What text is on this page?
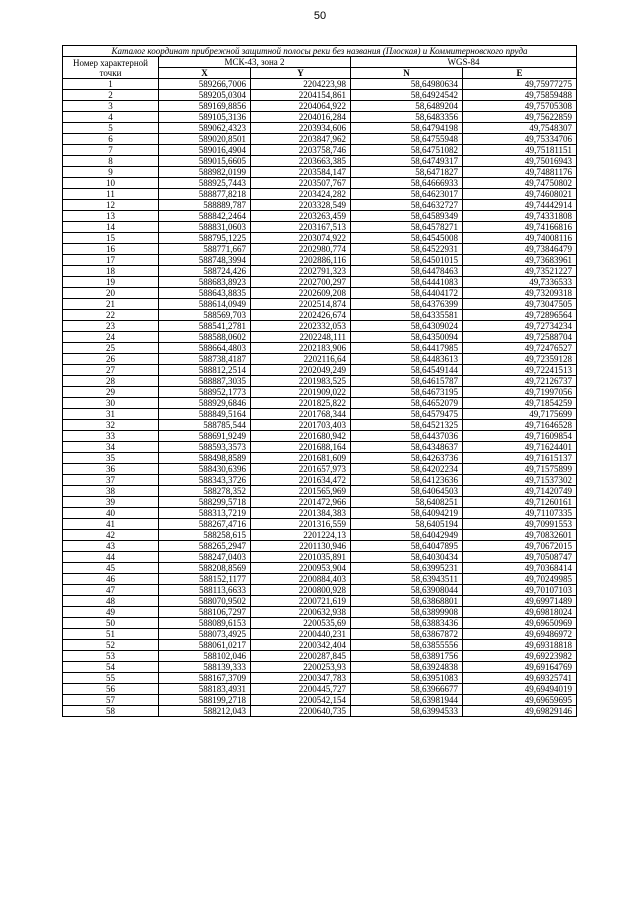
50
Каталог координат прибрежной защитной полосы реки без названия (Плоская) и Коммитерновского пруда				
Номер характерной точки	МСК-43, зона 2		WGS-84	
	X	Y	N	E
1	589266,7006	2204223,98	58,64980634	49,75977275
2	589205,0304	2204154,861	58,64924542	49,75859488
3	589169,8856	2204064,922	58,6489204	49,75705308
4	589105,3136	2204016,284	58,6483356	49,75622859
5	589062,4323	2203934,606	58,64794198	49,7548307
6	589020,8501	2203847,962	58,64755948	49,75334706
7	589016,4904	2203758,746	58,64751082	49,75181151
8	589015,6605	2203663,385	58,64749317	49,75016943
9	588982,0199	2203584,147	58,6471827	49,74881176
10	588925,7443	2203507,767	58,64666933	49,74750802
11	588877,8218	2203424,282	58,64623017	49,74608021
12	588889,787	2203328,549	58,64632727	49,74442914
13	588842,2464	2203263,459	58,64589349	49,74331808
14	588831,0603	2203167,513	58,64578271	49,74166816
15	588795,1225	2203074,922	58,64545008	49,74008116
16	588771,667	2202980,774	58,64522931	49,73846479
17	588748,3994	2202886,116	58,64501015	49,73683961
18	588724,426	2202791,323	58,64478463	49,73521227
19	588683,8923	2202700,297	58,64441083	49,7336533
20	588643,8835	2202609,208	58,64404172	49,73209318
21	588614,0949	2202514,874	58,64376399	49,73047505
22	588569,703	2202426,674	58,64335581	49,72896564
23	588541,2781	2202332,053	58,64309024	49,72734234
24	588588,0602	2202248,111	58,64350094	49,72588704
25	588664,4803	2202183,906	58,64417985	49,72476527
26	588738,4187	2202116,64	58,64483613	49,72359128
27	588812,2514	2202049,249	58,64549144	49,72241513
28	588887,3035	2201983,525	58,64615787	49,72126737
29	588952,1773	2201909,022	58,64673195	49,71997056
30	588929,6846	2201825,822	58,64652079	49,71854259
31	588849,5164	2201768,344	58,64579475	49,7175699
32	588785,544	2201703,403	58,64521325	49,71646528
33	588691,9249	2201680,942	58,64437036	49,71609854
34	588593,3573	2201688,164	58,64348637	49,71624401
35	588498,8589	2201681,609	58,64263736	49,71615137
36	588430,6396	2201657,973	58,64202234	49,71575899
37	588343,3726	2201634,472	58,64123636	49,71537302
38	588278,352	2201565,969	58,64064503	49,71420749
39	588299,5718	2201472,966	58,6408251	49,71260161
40	588313,7219	2201384,383	58,64094219	49,71107335
41	588267,4716	2201316,559	58,6405194	49,70991553
42	588258,615	2201224,13	58,64042949	49,70832601
43	588265,2947	2201130,946	58,64047895	49,70672015
44	588247,0403	2201035,891	58,64030434	49,70508747
45	588208,8569	2200953,904	58,63995231	49,70368414
46	588152,1177	2200884,403	58,63943511	49,70249985
47	588113,6633	2200800,928	58,63908044	49,70107103
48	588070,9502	2200721,619	58,63868801	49,69971489
49	588106,7297	2200632,938	58,63899908	49,69818024
50	588089,6153	2200535,69	58,63883436	49,69650969
51	588073,4925	2200440,231	58,63867872	49,69486972
52	588061,0217	2200342,404	58,63855556	49,69318818
53	588102,046	2200287,845	58,63891756	49,69223982
54	588139,333	2200253,93	58,63924838	49,69164769
55	588167,3709	2200347,783	58,63951083	49,69325741
56	588183,4931	2200445,727	58,63966677	49,69494019
57	588199,2718	2200542,154	58,63981944	49,69659695
58	588212,043	2200640,735	58,63994533	49,69829146
